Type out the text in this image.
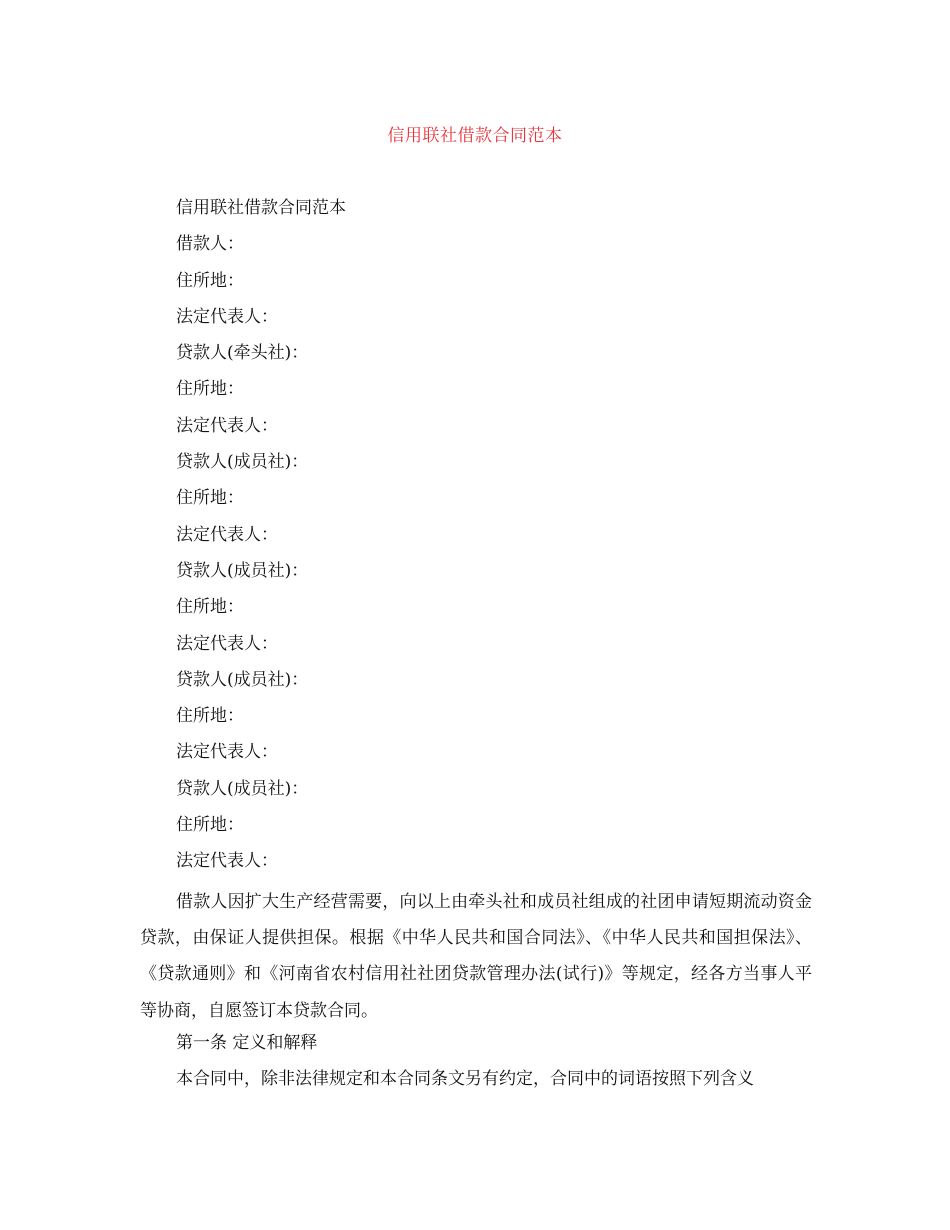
信用联社借款合同范本
信用联社借款合同范本
借款人：
住所地：
法定代表人：
贷款人(牵头社)：
住所地：
法定代表人：
贷款人(成员社)：
住所地：
法定代表人：
贷款人(成员社)：
住所地：
法定代表人：
贷款人(成员社)：
住所地：
法定代表人：
贷款人(成员社)：
住所地：
法定代表人：

借款人因扩大生产经营需要，向以上由牵头社和成员社组成的社团申请短期流动资金贷款，由保证人提供担保。根据《中华人民共和国合同法》、《中华人民共和国担保法》、《贷款通则》和《河南省农村信用社社团贷款管理办法(试行)》等规定，经各方当事人平等协商，自愿签订本贷款合同。

第一条 定义和解释
本合同中，除非法律规定和本合同条文另有约定，合同中的词语按照下列含义
